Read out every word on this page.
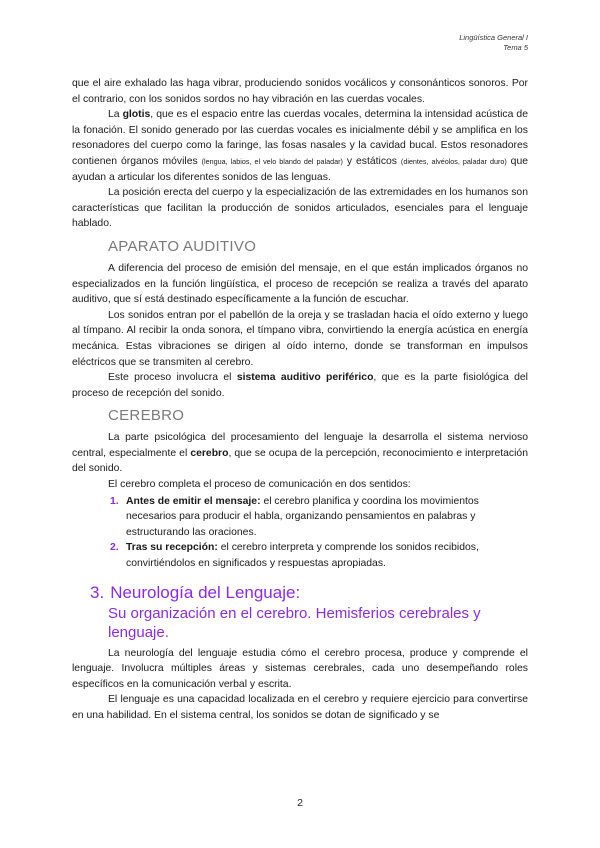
Lingüística General I
Tema 5

que el aire exhalado las haga vibrar, produciendo sonidos vocálicos y consonánticos sonoros. Por el contrario, con los sonidos sordos no hay vibración en las cuerdas vocales.

La glotis, que es el espacio entre las cuerdas vocales, determina la intensidad acústica de la fonación. El sonido generado por las cuerdas vocales es inicialmente débil y se amplifica en los resonadores del cuerpo como la faringe, las fosas nasales y la cavidad bucal. Estos resonadores contienen órganos móviles (lengua, labios, el velo blando del paladar) y estáticos (dientes, alvéolos, paladar duro) que ayudan a articular los diferentes sonidos de las lenguas.

La posición erecta del cuerpo y la especialización de las extremidades en los humanos son características que facilitan la producción de sonidos articulados, esenciales para el lenguaje hablado.

APARATO AUDITIVO

A diferencia del proceso de emisión del mensaje, en el que están implicados órganos no especializados en la función lingüística, el proceso de recepción se realiza a través del aparato auditivo, que sí está destinado específicamente a la función de escuchar.

Los sonidos entran por el pabellón de la oreja y se trasladan hacia el oído externo y luego al tímpano. Al recibir la onda sonora, el tímpano vibra, convirtiendo la energía acústica en energía mecánica. Estas vibraciones se dirigen al oído interno, donde se transforman en impulsos eléctricos que se transmiten al cerebro.

Este proceso involucra el sistema auditivo periférico, que es la parte fisiológica del proceso de recepción del sonido.

CEREBRO

La parte psicológica del procesamiento del lenguaje la desarrolla el sistema nervioso central, especialmente el cerebro, que se ocupa de la percepción, reconocimiento e interpretación del sonido.

El cerebro completa el proceso de comunicación en dos sentidos:

1. Antes de emitir el mensaje: el cerebro planifica y coordina los movimientos necesarios para producir el habla, organizando pensamientos en palabras y estructurando las oraciones.
2. Tras su recepción: el cerebro interpreta y comprende los sonidos recibidos, convirtiéndolos en significados y respuestas apropiadas.
3. Neurología del Lenguaje:
Su organización en el cerebro. Hemisferios cerebrales y lenguaje.

La neurología del lenguaje estudia cómo el cerebro procesa, produce y comprende el lenguaje. Involucra múltiples áreas y sistemas cerebrales, cada uno desempeñando roles específicos en la comunicación verbal y escrita.

El lenguaje es una capacidad localizada en el cerebro y requiere ejercicio para convertirse en una habilidad. En el sistema central, los sonidos se dotan de significado y se

2
